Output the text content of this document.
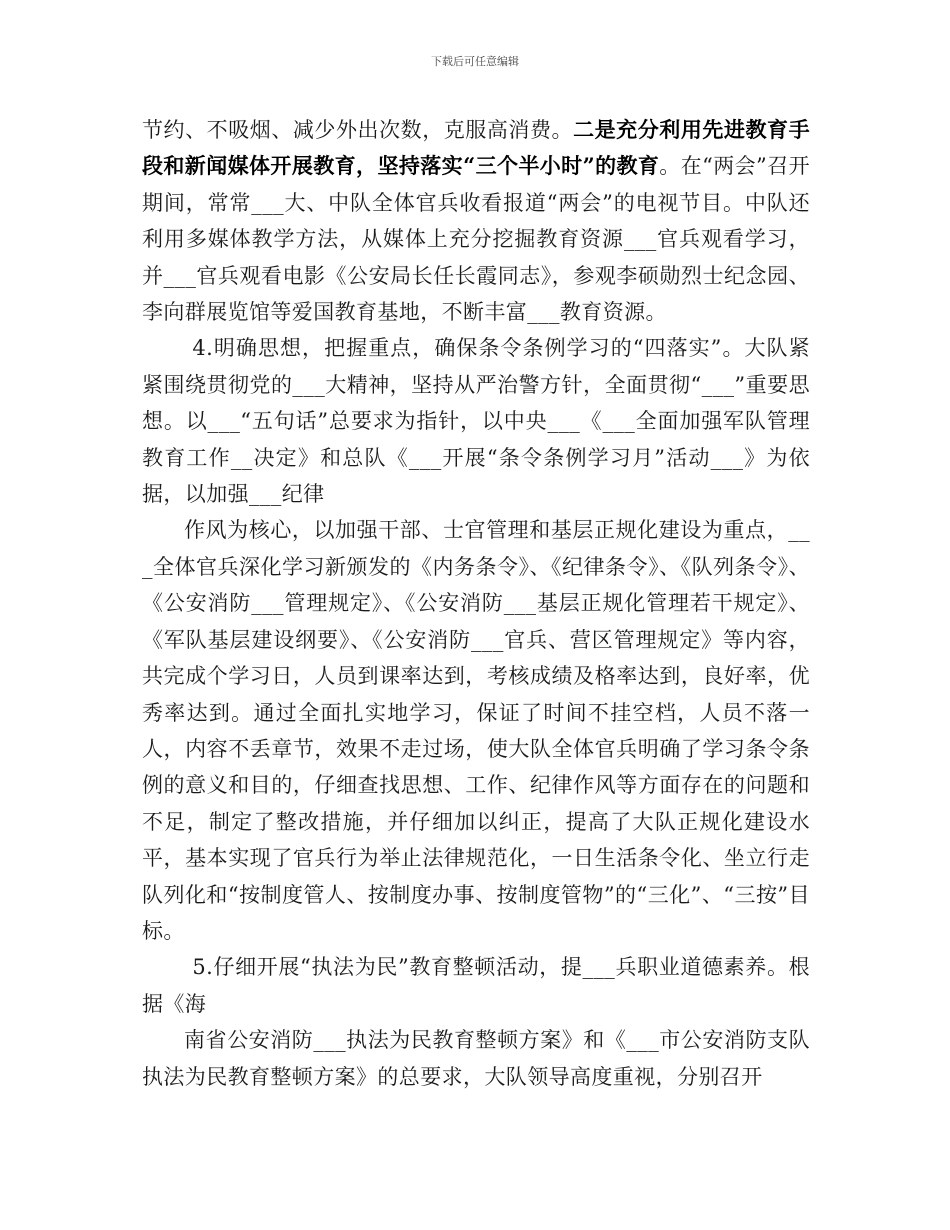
下载后可任意编辑

节约、不吸烟、减少外出次数，克服高消费。二是充分利用先进教育手段和新闻媒体开展教育，坚持落实“三个半小时”的教育。在“两会”召开期间，常常___大、中队全体官兵收看报道“两会”的电视节目。中队还利用多媒体教学方法，从媒体上充分挖掘教育资源___官兵观看学习，并___官兵观看电影《公安局长任长霞同志》，参观李硕勋烈士纪念园、李向群展览馆等爱国教育基地，不断丰富___教育资源。

4.明确思想，把握重点，确保条令条例学习的“四落实”。大队紧紧围绕贯彻党的___大精神，坚持从严治警方针，全面贯彻“___”重要思想。以___“五句话”总要求为指针，以中央___《___全面加强军队管理教育工作__决定》和总队《___开展“条令条例学习月”活动___》为依据，以加强___纪律

作风为核心，以加强干部、士官管理和基层正规化建设为重点，___全体官兵深化学习新颁发的《内务条令》、《纪律条令》、《队列条令》、《公安消防___管理规定》、《公安消防___基层正规化管理若干规定》、《军队基层建设纲要》、《公安消防___官兵、营区管理规定》等内容，共完成个学习日，人员到课率达到，考核成绩及格率达到，良好率，优秀率达到。通过全面扎实地学习，保证了时间不挂空档，人员不落一人，内容不丢章节，效果不走过场，使大队全体官兵明确了学习条令条例的意义和目的，仔细查找思想、工作、纪律作风等方面存在的问题和不足，制定了整改措施，并仔细加以纠正，提高了大队正规化建设水平，基本实现了官兵行为举止法律规范化，一日生活条令化、坐立行走队列化和“按制度管人、按制度办事、按制度管物”的“三化”、“三按”目标。

5.仔细开展“执法为民”教育整顿活动，提___兵职业道德素养。根据《海

南省公安消防___执法为民教育整顿方案》和《___市公安消防支队执法为民教育整顿方案》的总要求，大队领导高度重视，分别召开
